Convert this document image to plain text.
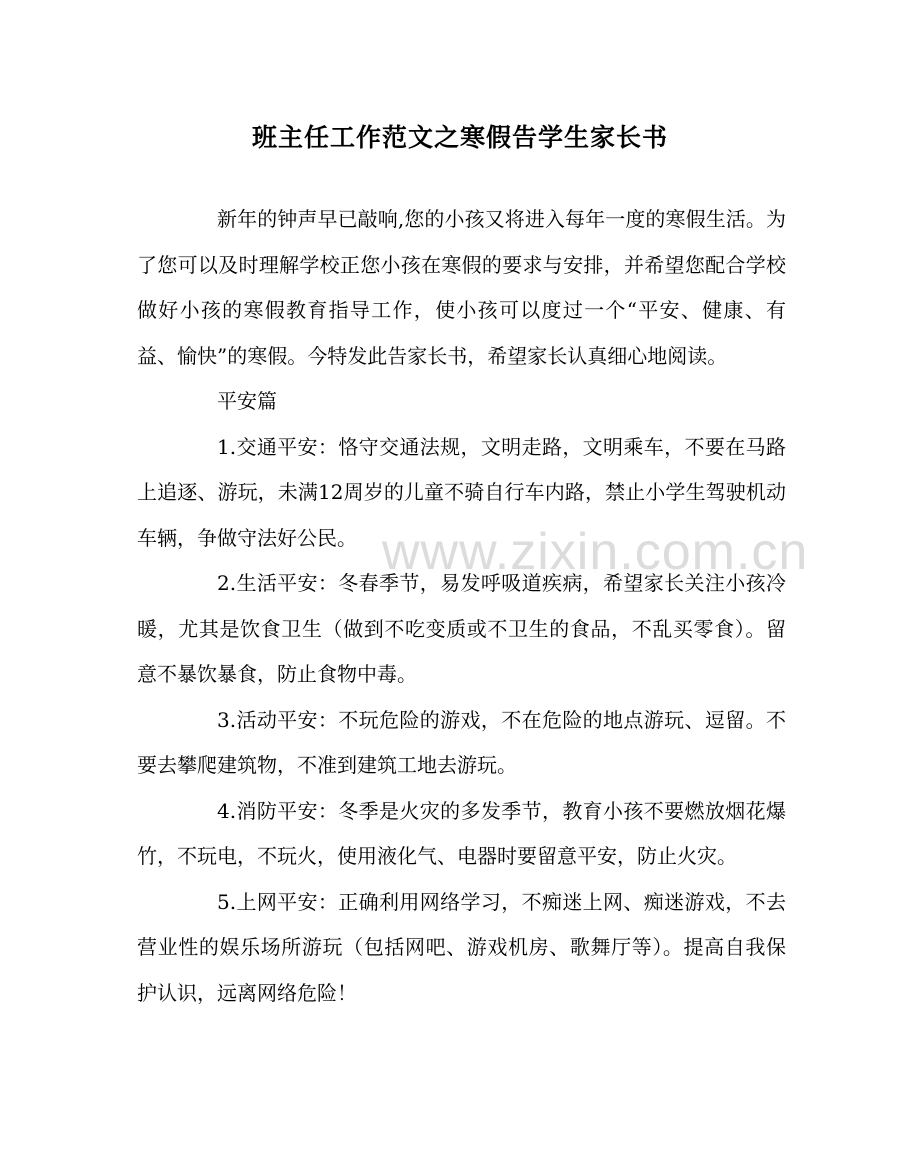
班主任工作范文之寒假告学生家长书

新年的钟声早已敲响,您的小孩又将进入每年一度的寒假生活。为了您可以及时理解学校正您小孩在寒假的要求与安排，并希望您配合学校做好小孩的寒假教育指导工作，使小孩可以度过一个“平安、健康、有益、愉快”的寒假。今特发此告家长书，希望家长认真细心地阅读。

平安篇

1.交通平安：恪守交通法规，文明走路，文明乘车，不要在马路上追逐、游玩，未满12周岁的儿童不骑自行车内路，禁止小学生驾驶机动车辆，争做守法好公民。

2.生活平安：冬春季节，易发呼吸道疾病，希望家长关注小孩冷暖，尤其是饮食卫生（做到不吃变质或不卫生的食品，不乱买零食）。留意不暴饮暴食，防止食物中毒。

3.活动平安：不玩危险的游戏，不在危险的地点游玩、逗留。不要去攀爬建筑物，不准到建筑工地去游玩。

4.消防平安：冬季是火灾的多发季节，教育小孩不要燃放烟花爆竹，不玩电，不玩火，使用液化气、电器时要留意平安，防止火灾。

5.上网平安：正确利用网络学习，不痴迷上网、痴迷游戏，不去营业性的娱乐场所游玩（包括网吧、游戏机房、歌舞厅等）。提高自我保护认识，远离网络危险！

www.zixin.com.cn
